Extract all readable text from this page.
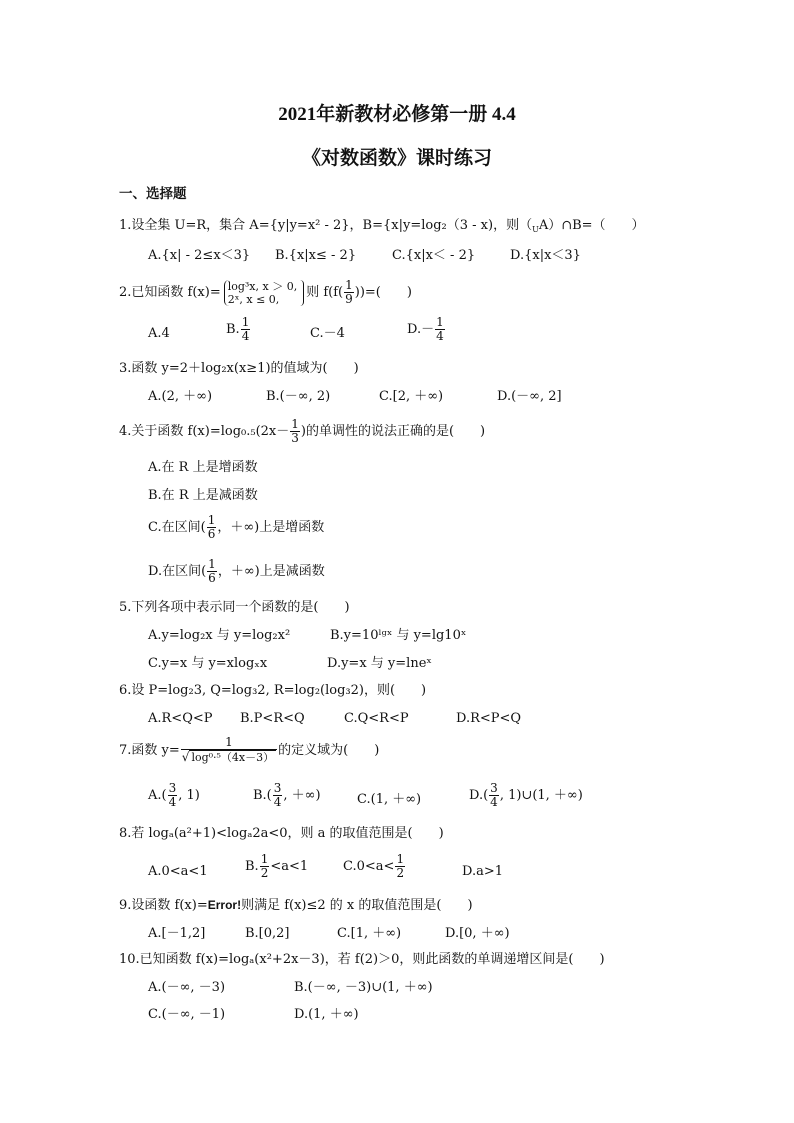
2021年新教材必修第一册 4.4
《对数函数》课时练习
一、选择题
1.设全集 U=R，集合 A={y|y=x² - 2}，B={x|y=log₂（3 - x)，则$(_UA)\cap B=$（　　）
A.{x| - 2≤x＜3} B.{x|x≤ - 2}	C.{x|x＜ - 2}	D.{x|x＜3}
2.已知函数 f(x)= log³x, x ＞ 0,
2ˣ, x ≤ 0,	则 $f(f( \frac{1}{9}$ ))=(　　)
A.4	B. $\frac{1}{4}$	C.－4	$D.- \frac{1}{4}$
3.函数 y=2＋log₂x(x≥1)的值域为(　　)
A.(2, ＋∞)	B.(－∞, 2)	C.[2, ＋∞)	D.(－∞, 2]
4.关于函数 $f(x)=\log_0._5(2x- \frac{1}{3}$ )的单调性的说法正确的是(　　)
A.在 R 上是增函数
B.在 R 上是减函数
C.在区间( $\frac{1}{6}$ ，＋∞)上是增函数
D.在区间( $\frac{1}{6}$ ，＋∞)上是减函数
5.下列各项中表示同一个函数的是(　　)
A.y=log₂x 与 y=log₂x²	B.y=10ˡᵍˣ 与 y=lg10ˣ
C.y=x 与 y=xlogₓx	D.y=x 与 y=lneˣ
6.设 P=log₂3, Q=log₃2, R=log₂(log₃2)，则(　　)
A.R<Q<P B.P<R<Q	C.Q<R<P	D.R<P<Q
7.函数 $y= \frac{1}{\text{√ log⁰·⁵（4x－3）}}$ 的定义域为(　　)
$A.( \frac{3}{4}$ , 1)	$B.( \frac{3}{4}$ , ＋∞)	C.(1, ＋∞)	$D.( \frac{3}{4}$ , 1)∪(1, ＋∞)
8.若 logₐ(a²+1)<logₐ2a<0，则 a 的取值范围是(　　)
A.0<a<1	B. $\frac{1}{2} <a<1$	$C.0<a< \frac{1}{2}$	D.a>1
9.设函数 f(x)=Error!则满足 f(x)≤2 的 x 的取值范围是(　　)
A.[－1,2]	B.[0,2]	C.[1, ＋∞)	D.[0, ＋∞)
10.已知函数 f(x)=logₐ(x²+2x－3)，若 f(2)＞0，则此函数的单调递增区间是(　　)
A.(－∞, －3)	B.(－∞, －3)∪(1, ＋∞)
C.(－∞, －1)	D.(1, ＋∞)
